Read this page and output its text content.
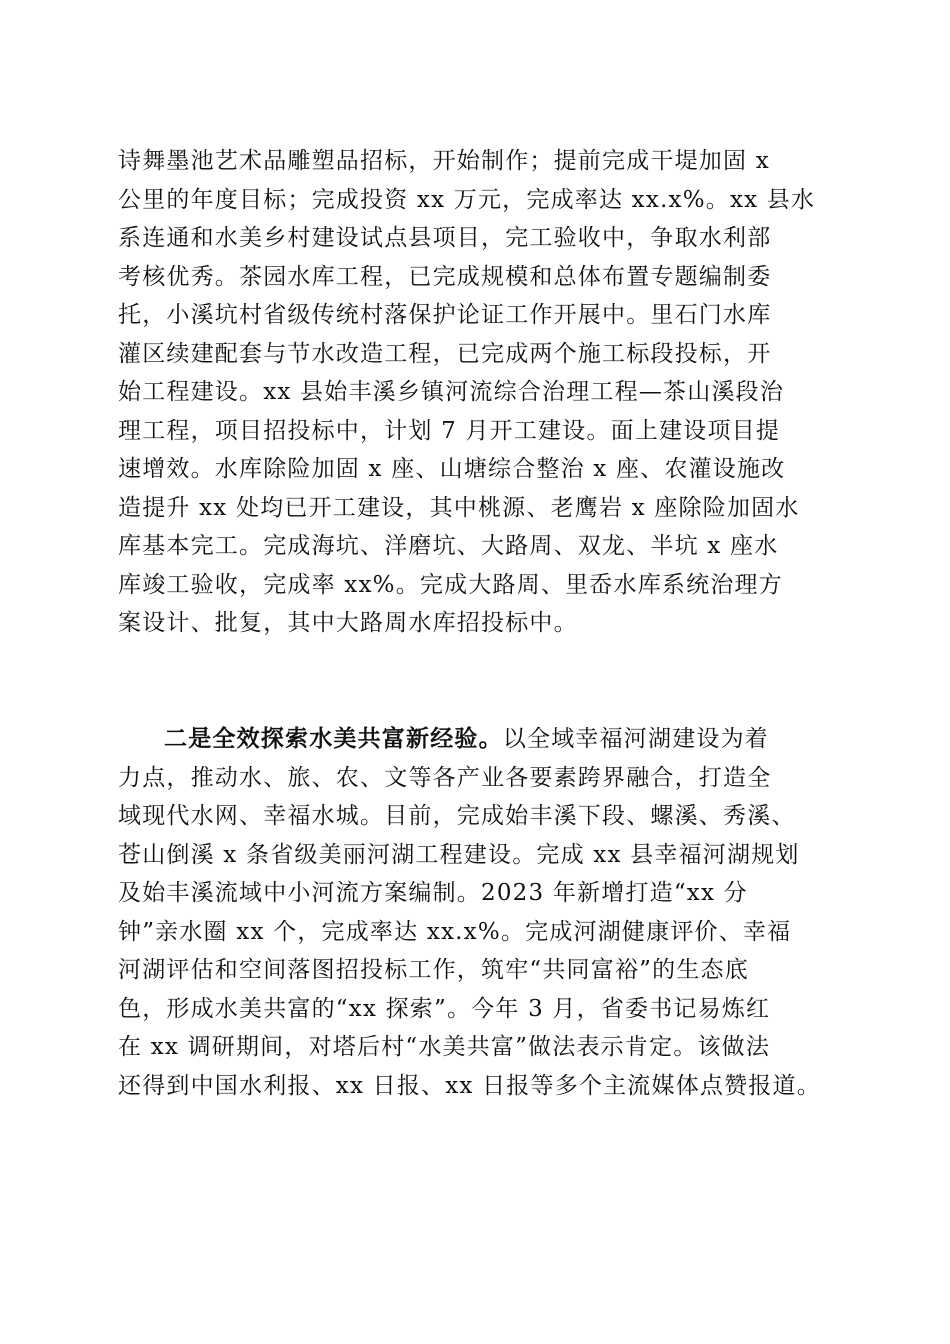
诗舞墨池艺术品雕塑品招标，开始制作；提前完成干堤加固 x
公里的年度目标；完成投资 xx 万元，完成率达 xx.x%。xx 县水
系连通和水美乡村建设试点县项目，完工验收中，争取水利部
考核优秀。茶园水库工程，已完成规模和总体布置专题编制委
托，小溪坑村省级传统村落保护论证工作开展中。里石门水库
灌区续建配套与节水改造工程，已完成两个施工标段投标，开
始工程建设。xx 县始丰溪乡镇河流综合治理工程—茶山溪段治
理工程，项目招投标中，计划 7 月开工建设。面上建设项目提
速增效。水库除险加固 x 座、山塘综合整治 x 座、农灌设施改
造提升 xx 处均已开工建设，其中桃源、老鹰岩 x 座除险加固水
库基本完工。完成海坑、洋磨坑、大路周、双龙、半坑 x 座水
库竣工验收，完成率 xx%。完成大路周、里岙水库系统治理方
案设计、批复，其中大路周水库招投标中。
二是全效探索水美共富新经验。以全域幸福河湖建设为着
力点，推动水、旅、农、文等各产业各要素跨界融合，打造全
域现代水网、幸福水城。目前，完成始丰溪下段、螺溪、秀溪、
苍山倒溪 x 条省级美丽河湖工程建设。完成 xx 县幸福河湖规划
及始丰溪流域中小河流方案编制。2023 年新增打造“xx 分
钟”亲水圈 xx 个，完成率达 xx.x%。完成河湖健康评价、幸福
河湖评估和空间落图招投标工作，筑牢“共同富裕”的生态底
色，形成水美共富的“xx 探索”。今年 3 月，省委书记易炼红
在 xx 调研期间，对塔后村“水美共富”做法表示肯定。该做法
还得到中国水利报、xx 日报、xx 日报等多个主流媒体点赞报道。
